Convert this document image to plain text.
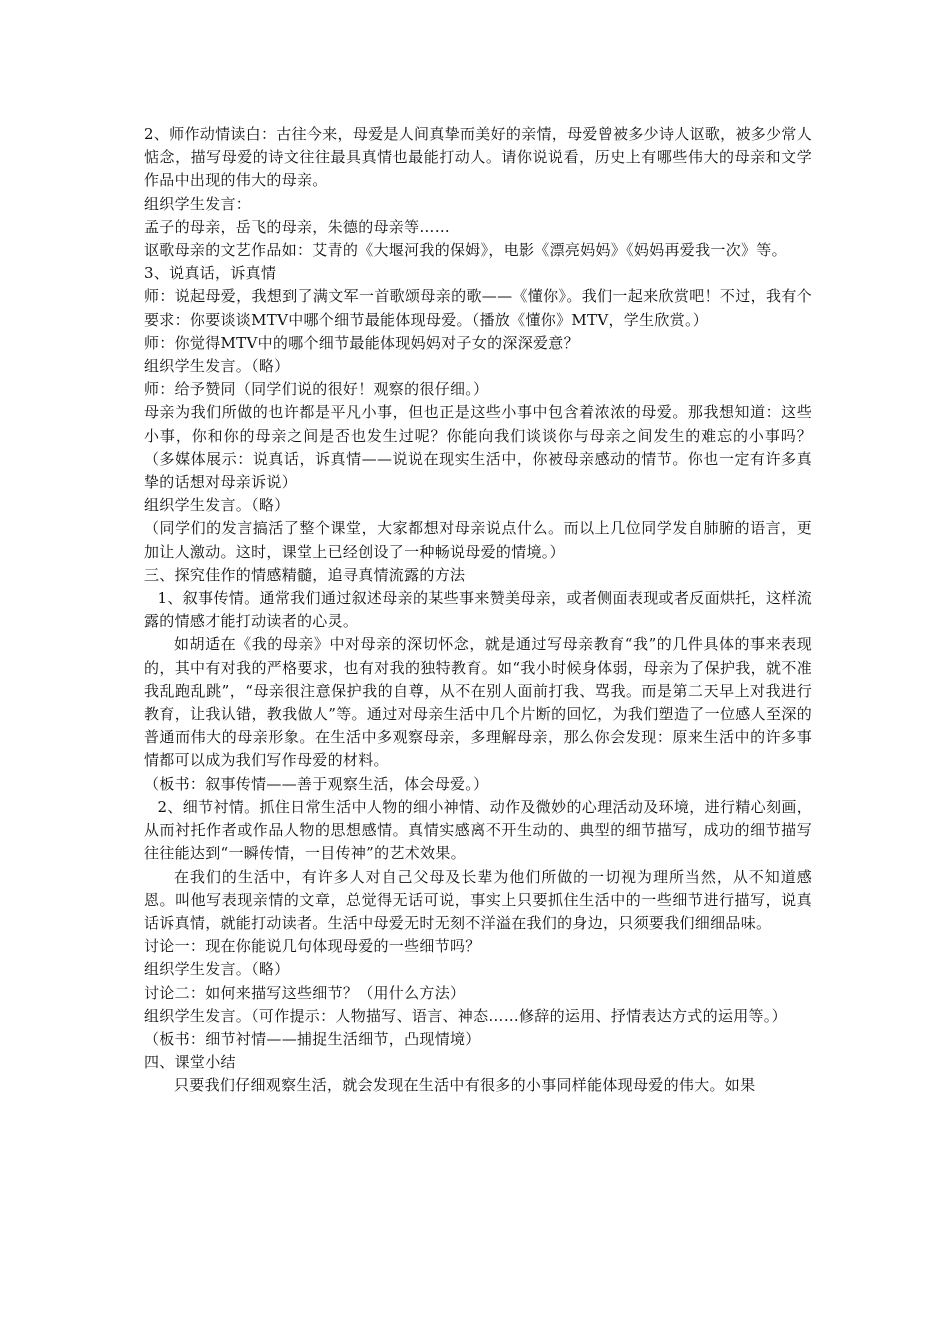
2、师作动情读白：古往今来，母爱是人间真挚而美好的亲情，母爱曾被多少诗人讴歌，被多少常人惦念，描写母爱的诗文往往最具真情也最能打动人。请你说说看，历史上有哪些伟大的母亲和文学作品中出现的伟大的母亲。

组织学生发言：

孟子的母亲，岳飞的母亲，朱德的母亲等……

讴歌母亲的文艺作品如：艾青的《大堰河我的保姆》，电影《漂亮妈妈》《妈妈再爱我一次》等。

3、说真话，诉真情

师：说起母爱，我想到了满文军一首歌颂母亲的歌——《懂你》。我们一起来欣赏吧！不过，我有个要求：你要谈谈MTV中哪个细节最能体现母爱。（播放《懂你》MTV，学生欣赏。）

师：你觉得MTV中的哪个细节最能体现妈妈对子女的深深爱意？

组织学生发言。（略）

师：给予赞同（同学们说的很好！观察的很仔细。）

母亲为我们所做的也许都是平凡小事，但也正是这些小事中包含着浓浓的母爱。那我想知道：这些小事，你和你的母亲之间是否也发生过呢？你能向我们谈谈你与母亲之间发生的难忘的小事吗？（多媒体展示：说真话，诉真情——说说在现实生活中，你被母亲感动的情节。你也一定有许多真挚的话想对母亲诉说）

组织学生发言。（略）

（同学们的发言搞活了整个课堂，大家都想对母亲说点什么。而以上几位同学发自肺腑的语言，更加让人激动。这时，课堂上已经创设了一种畅说母爱的情境。）

三、探究佳作的情感精髓，追寻真情流露的方法

1、叙事传情。通常我们通过叙述母亲的某些事来赞美母亲，或者侧面表现或者反面烘托，这样流露的情感才能打动读者的心灵。

如胡适在《我的母亲》中对母亲的深切怀念，就是通过写母亲教育“我”的几件具体的事来表现的，其中有对我的严格要求，也有对我的独特教育。如“我小时候身体弱，母亲为了保护我，就不准我乱跑乱跳”，“母亲很注意保护我的自尊，从不在别人面前打我、骂我。而是第二天早上对我进行教育，让我认错，教我做人”等。通过对母亲生活中几个片断的回忆，为我们塑造了一位感人至深的普通而伟大的母亲形象。在生活中多观察母亲，多理解母亲，那么你会发现：原来生活中的许多事情都可以成为我们写作母爱的材料。

（板书：叙事传情——善于观察生活，体会母爱。）

2、细节衬情。抓住日常生活中人物的细小神情、动作及微妙的心理活动及环境，进行精心刻画，从而衬托作者或作品人物的思想感情。真情实感离不开生动的、典型的细节描写，成功的细节描写往往能达到“一瞬传情，一目传神”的艺术效果。

在我们的生活中，有许多人对自己父母及长辈为他们所做的一切视为理所当然，从不知道感恩。叫他写表现亲情的文章，总觉得无话可说，事实上只要抓住生活中的一些细节进行描写，说真话诉真情，就能打动读者。生活中母爱无时无刻不洋溢在我们的身边，只须要我们细细品味。

讨论一：现在你能说几句体现母爱的一些细节吗？

组织学生发言。（略）

讨论二：如何来描写这些细节？（用什么方法）

组织学生发言。（可作提示：人物描写、语言、神态……修辞的运用、抒情表达方式的运用等。）

（板书：细节衬情——捕捉生活细节，凸现情境）

四、课堂小结

只要我们仔细观察生活，就会发现在生活中有很多的小事同样能体现母爱的伟大。如果
